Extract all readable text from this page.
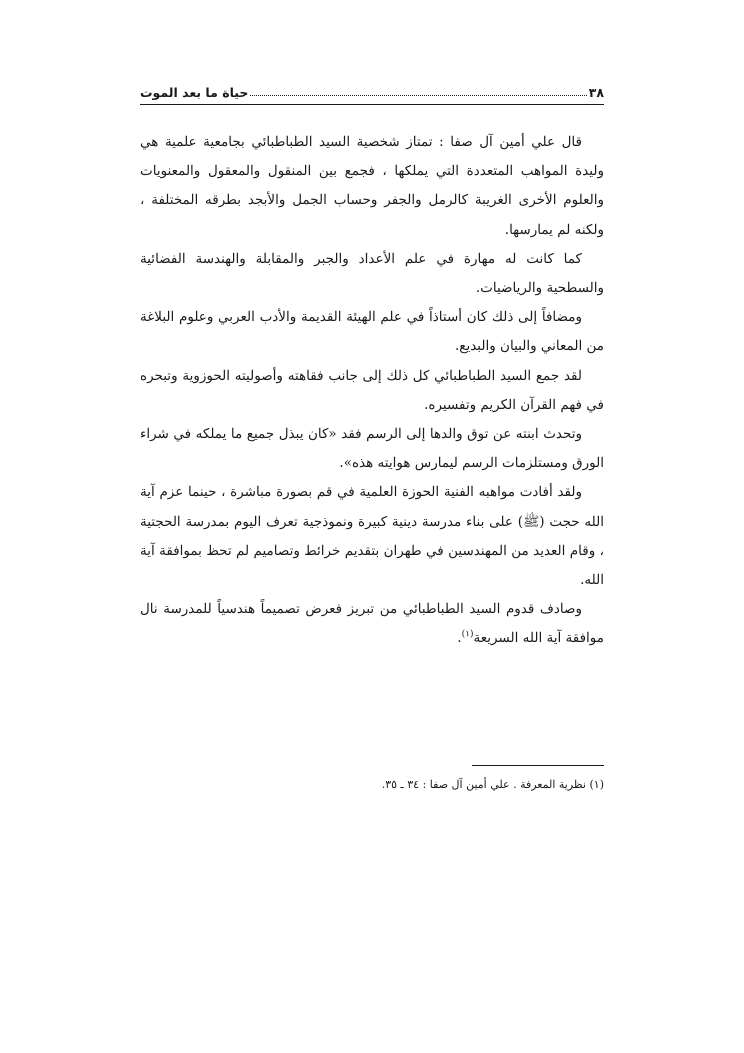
٣٨
حياة ما بعد الموت

قال علي أمين آل صفا : تمتاز شخصية السيد الطباطبائي بجامعية علمية هي وليدة المواهب المتعددة التي يملكها ، فجمع بين المنقول والمعقول والمعنويات والعلوم الأخرى الغريبة كالرمل والجفر وحساب الجمل والأبجد بطرقه المختلفة ، ولكنه لم يمارسها.

كما كانت له مهارة في علم الأعداد والجبر والمقابلة والهندسة الفضائية والسطحية والرياضيات.

ومضافاً إلى ذلك كان أستاذاً في علم الهيئة القديمة والأدب العربي وعلوم البلاغة من المعاني والبيان والبديع.

لقد جمع السيد الطباطبائي كل ذلك إلى جانب فقاهته وأصوليته الحوزوية وتبحره في فهم القرآن الكريم وتفسيره.

وتحدث ابنته عن توق والدها إلى الرسم فقد «كان يبذل جميع ما يملكه في شراء الورق ومستلزمات الرسم ليمارس هوايته هذه».

ولقد أفادت مواهبه الفنية الحوزة العلمية في قم بصورة مباشرة ، حينما عزم آية الله حجت (ﷺ) على بناء مدرسة دينية كبيرة ونموذجية تعرف اليوم بمدرسة الحجتية ، وقام العديد من المهندسين في طهران بتقديم خرائط وتصاميم لم تحظ بموافقة آية الله.

وصادف قدوم السيد الطباطبائي من تبريز فعرض تصميماً هندسياً للمدرسة نال موافقة آية الله السريعة$^{(١)}$.

(١) نظرية المعرفة . علي أمين آل صفا : ٣٤ ـ ٣٥.
